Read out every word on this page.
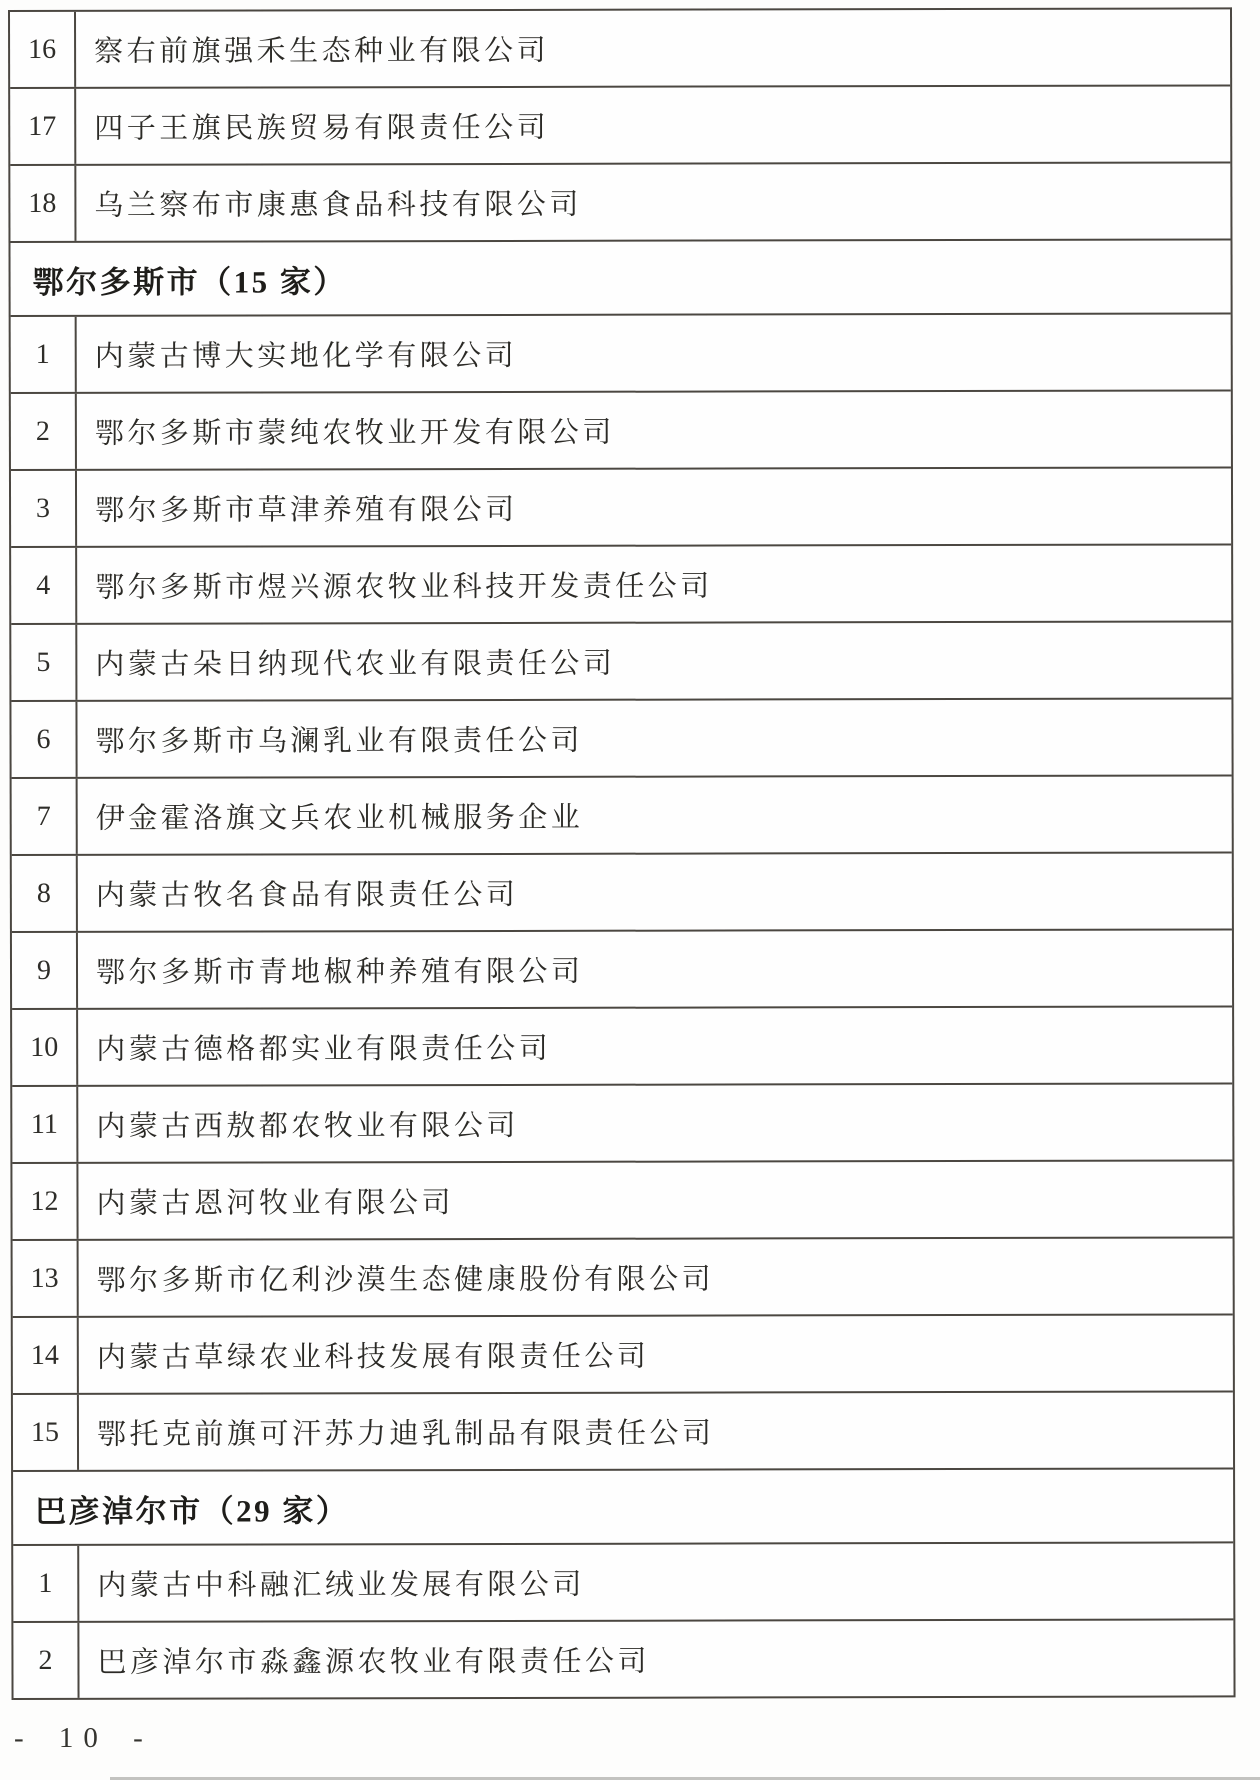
16	察右前旗强禾生态种业有限公司
17	四子王旗民族贸易有限责任公司
18	乌兰察布市康惠食品科技有限公司
鄂尔多斯市（15 家）
1	内蒙古博大实地化学有限公司
2	鄂尔多斯市蒙纯农牧业开发有限公司
3	鄂尔多斯市草津养殖有限公司
4	鄂尔多斯市煜兴源农牧业科技开发责任公司
5	内蒙古朵日纳现代农业有限责任公司
6	鄂尔多斯市乌澜乳业有限责任公司
7	伊金霍洛旗文兵农业机械服务企业
8	内蒙古牧名食品有限责任公司
9	鄂尔多斯市青地椒种养殖有限公司
10	内蒙古德格都实业有限责任公司
11	内蒙古西敖都农牧业有限公司
12	内蒙古恩河牧业有限公司
13	鄂尔多斯市亿利沙漠生态健康股份有限公司
14	内蒙古草绿农业科技发展有限责任公司
15	鄂托克前旗可汗苏力迪乳制品有限责任公司
巴彦淖尔市（29 家）
1	内蒙古中科融汇绒业发展有限公司
2	巴彦淖尔市淼鑫源农牧业有限责任公司
- 10 -
